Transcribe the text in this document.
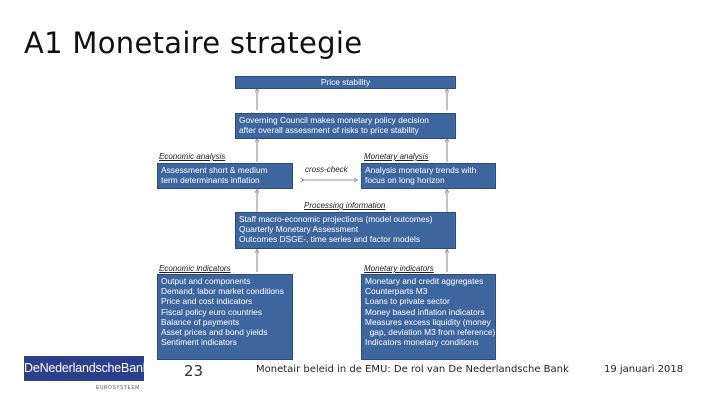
A1 Monetaire strategie
Price stability
Governing Council makes monetary policy decision
after overall assessment of risks to price stability
Economic analysis
Assessment short & medium
term determinants inflation
cross-check
Monetary analysis
Analysis monetary trends with
focus on long horizon
Processing information
Staff macro-economic projections (model outcomes)
Quarterly Monetary Assessment
Outcomes DSGE-, time series and factor models
Economic indicators
Output and components
Demand, labor market conditions
Price and cost indicators
Fiscal policy euro countries
Balance of payments
Asset prices and bond yields
Sentiment indicators
Monetary indicators
Monetary and credit aggregates
Counterparts M3
Loans to private sector
Money based inflation indicators
Measures excess liquidity (money
gap, deviation M3 from reference)
Indicators monetary conditions
DeNederlandscheBank
EUROSYSTEEM
23	Monetair beleid in de EMU: De rol van De Nederlandsche Bank	19 januari 2018
